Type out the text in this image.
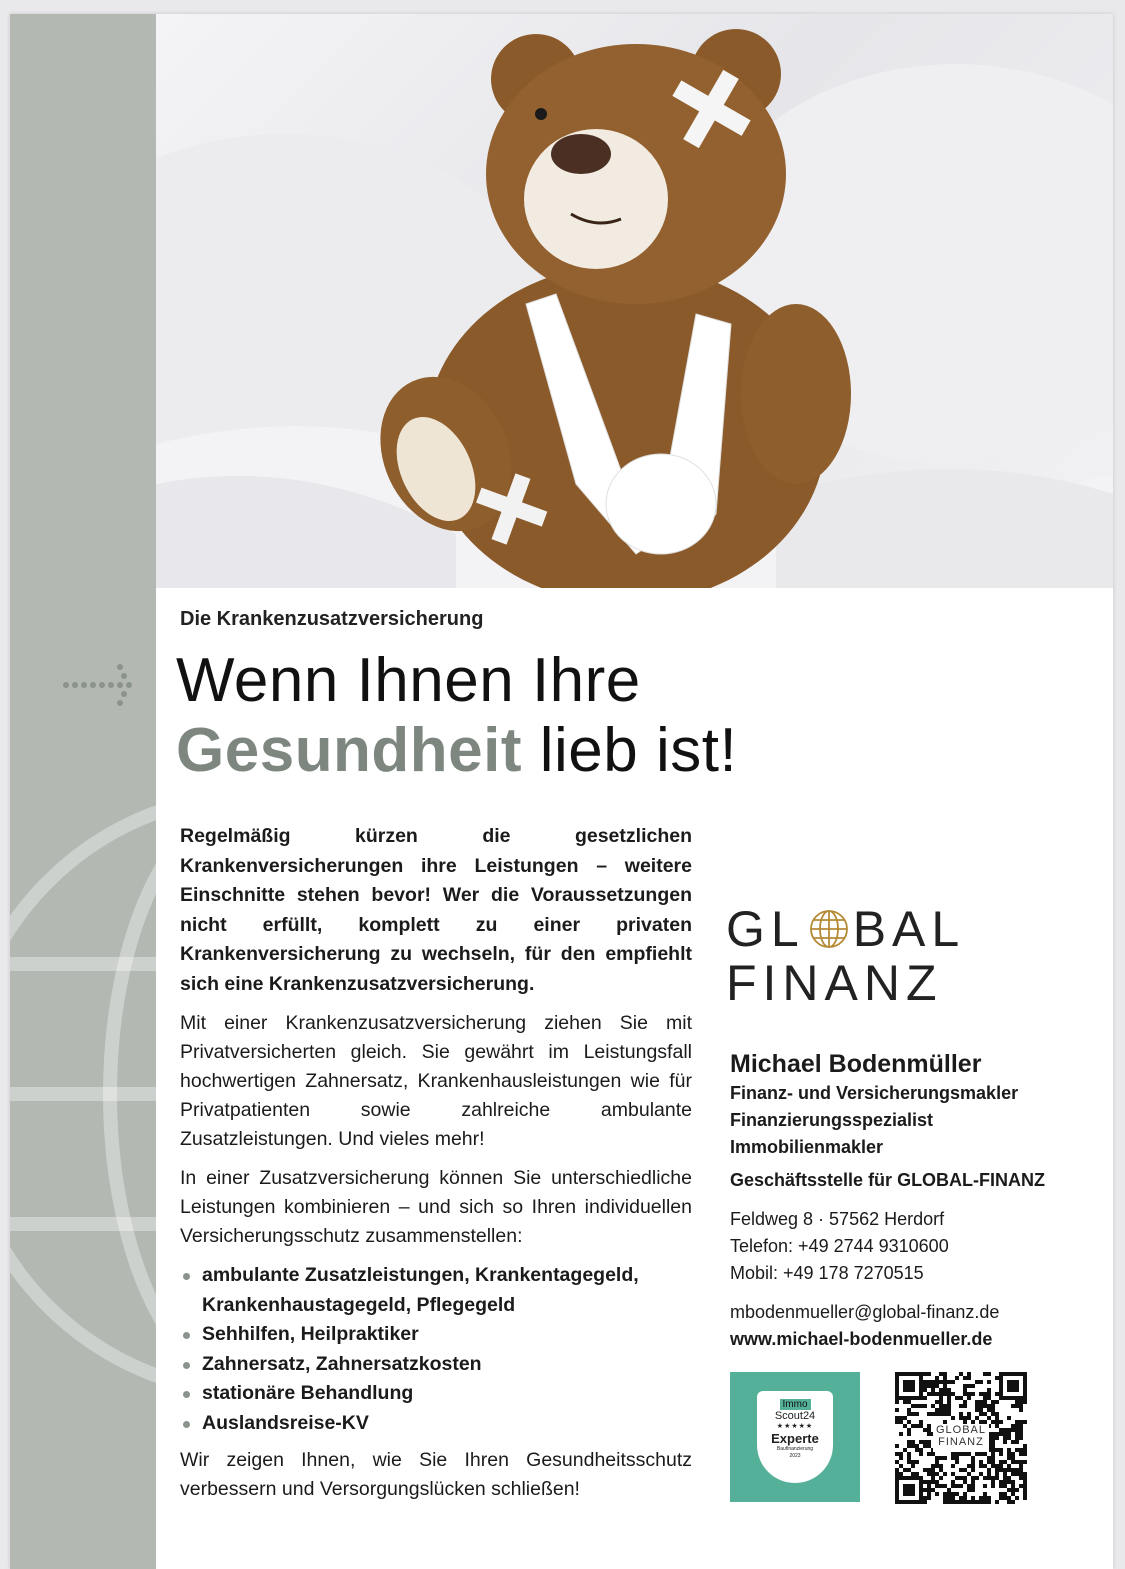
Die Krankenzusatzversicherung
Wenn Ihnen Ihre
Gesundheit lieb ist!

Regelmäßig kürzen die gesetzlichen Krankenversicherungen ihre Leistungen – weitere Einschnitte stehen bevor! Wer die Voraussetzungen nicht erfüllt, komplett zu einer privaten Krankenversicherung zu wechseln, für den empfiehlt sich eine Krankenzusatzversicherung.

Mit einer Krankenzusatzversicherung ziehen Sie mit Privatversicherten gleich. Sie gewährt im Leistungsfall hochwertigen Zahnersatz, Krankenhausleistungen wie für Privatpatienten sowie zahlreiche ambulante Zusatzleistungen. Und vieles mehr!

In einer Zusatzversicherung können Sie unterschiedliche Leistungen kombinieren – und sich so Ihren individuellen Versicherungsschutz zusammenstellen:

ambulante Zusatzleistungen, Krankentagegeld, Krankenhaustagegeld, Pflegegeld
Sehhilfen, Heilpraktiker
Zahnersatz, Zahnersatzkosten
stationäre Behandlung
Auslandsreise-KV

Wir zeigen Ihnen, wie Sie Ihren Gesundheitsschutz verbessern und Versorgungslücken schließen!

GL BAL
FINANZ
Michael Bodenmüller
Finanz- und Versicherungsmakler
Finanzierungsspezialist
Immobilienmakler
Geschäftsstelle für GLOBAL-FINANZ
Feldweg 8 · 57562 Herdorf
Telefon: +49 2744 9310600
Mobil: +49 178 7270515
mbodenmueller@global-finanz.de
www.michael-bodenmueller.de
Immo
Scout24
★★★★★
Experte
Baufinanzierung
2023
GLOBAL
FINANZ
